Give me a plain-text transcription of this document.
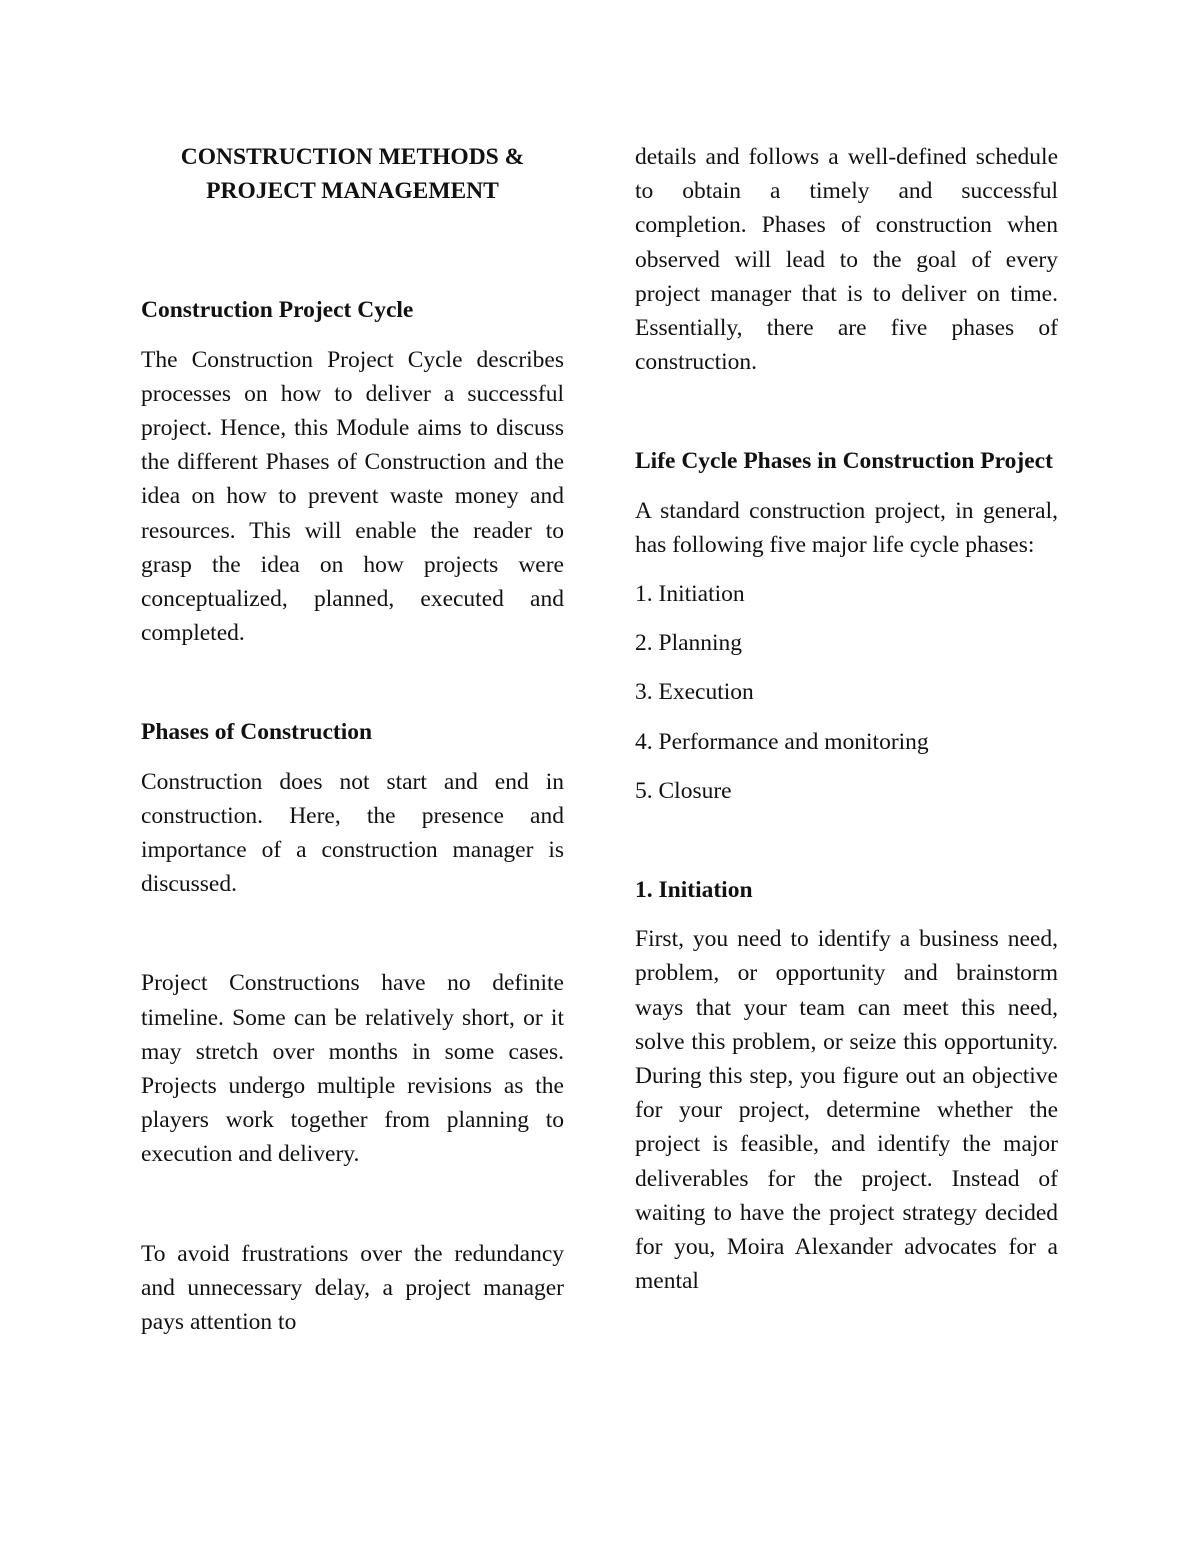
CONSTRUCTION METHODS &
PROJECT MANAGEMENT
Construction Project Cycle

The Construction Project Cycle describes processes on how to deliver a successful project. Hence, this Module aims to discuss the different Phases of Construction and the idea on how to prevent waste money and resources. This will enable the reader to grasp the idea on how projects were conceptualized, planned, executed and completed.

Phases of Construction

Construction does not start and end in construction. Here, the presence and importance of a construction manager is discussed.

Project Constructions have no definite timeline. Some can be relatively short, or it may stretch over months in some cases. Projects undergo multiple revisions as the players work together from planning to execution and delivery.

To avoid frustrations over the redundancy and unnecessary delay, a project manager pays attention to

details and follows a well-defined schedule to obtain a timely and successful completion. Phases of construction when observed will lead to the goal of every project manager that is to deliver on time. Essentially, there are five phases of construction.

Life Cycle Phases in Construction Project

A standard construction project, in general, has following five major life cycle phases:

1. Initiation
2. Planning
3. Execution
4. Performance and monitoring
5. Closure
1. Initiation

First, you need to identify a business need, problem, or opportunity and brainstorm ways that your team can meet this need, solve this problem, or seize this opportunity. During this step, you figure out an objective for your project, determine whether the project is feasible, and identify the major deliverables for the project. Instead of waiting to have the project strategy decided for you, Moira Alexander advocates for a mental
